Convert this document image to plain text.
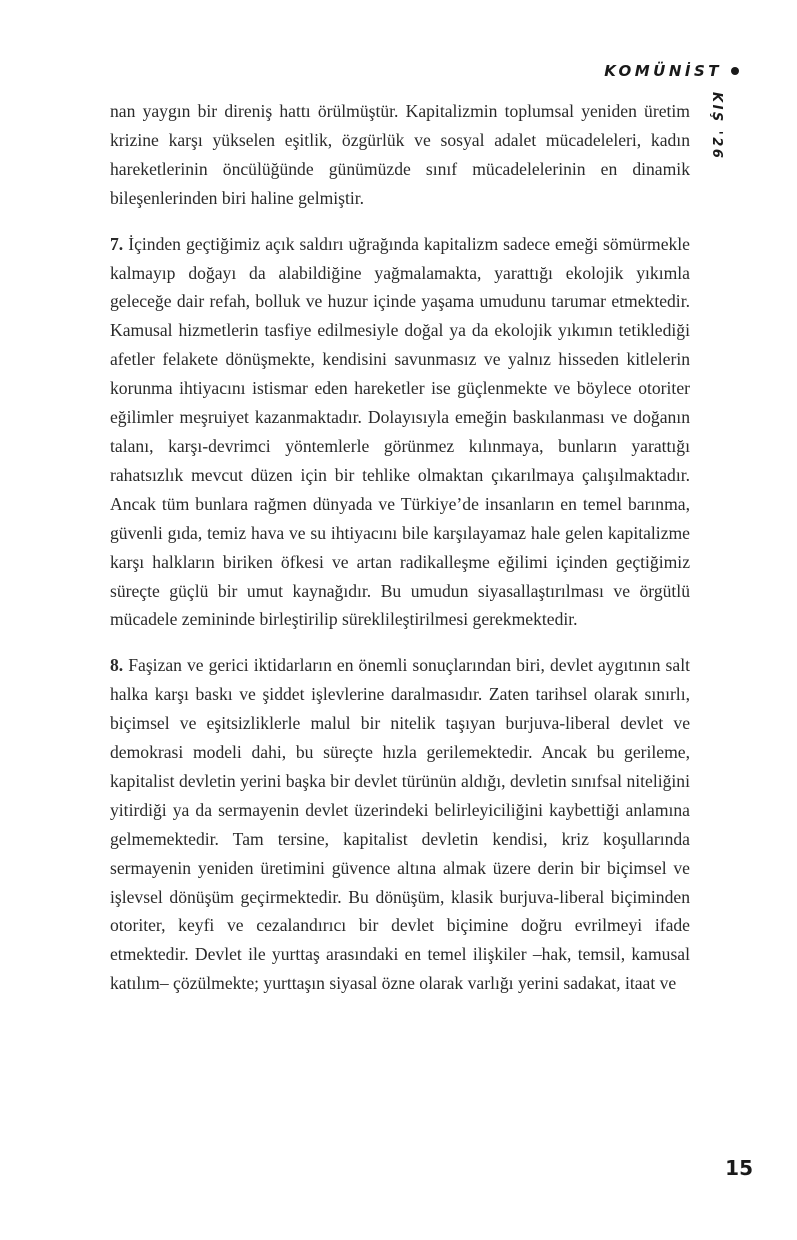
KOMÜNİST
KIŞ '26

nan yaygın bir direniş hattı örülmüştür. Kapitalizmin toplumsal yeniden üretim krizine karşı yükselen eşitlik, özgürlük ve sosyal adalet mücadeleleri, kadın hareketlerinin öncülüğünde günümüzde sınıf mücadelelerinin en dinamik bileşenlerinden biri haline gelmiştir.

7. İçinden geçtiğimiz açık saldırı uğrağında kapitalizm sadece emeği sömürmekle kalmayıp doğayı da alabildiğine yağmalamakta, yarattığı ekolojik yıkımla geleceğe dair refah, bolluk ve huzur içinde yaşama umudunu tarumar etmektedir. Kamusal hizmetlerin tasfiye edilmesiyle doğal ya da ekolojik yıkımın tetiklediği afetler felakete dönüşmekte, kendisini savunmasız ve yalnız hisseden kitlelerin korunma ihtiyacını istismar eden hareketler ise güçlenmekte ve böylece otoriter eğilimler meşruiyet kazanmaktadır. Dolayısıyla emeğin baskılanması ve doğanın talanı, karşı-devrimci yöntemlerle görünmez kılınmaya, bunların yarattığı rahatsızlık mevcut düzen için bir tehlike olmaktan çıkarılmaya çalışılmaktadır. Ancak tüm bunlara rağmen dünyada ve Türkiye’de insanların en temel barınma, güvenli gıda, temiz hava ve su ihtiyacını bile karşılayamaz hale gelen kapitalizme karşı halkların biriken öfkesi ve artan radikalleşme eğilimi içinden geçtiğimiz süreçte güçlü bir umut kaynağıdır. Bu umudun siyasallaştırılması ve örgütlü mücadele zemininde birleştirilip süreklileştirilmesi gerekmektedir.

8. Faşizan ve gerici iktidarların en önemli sonuçlarından biri, devlet aygıtının salt halka karşı baskı ve şiddet işlevlerine daralmasıdır. Zaten tarihsel olarak sınırlı, biçimsel ve eşitsizliklerle malul bir nitelik taşıyan burjuva-liberal devlet ve demokrasi modeli dahi, bu süreçte hızla gerilemektedir. Ancak bu gerileme, kapitalist devletin yerini başka bir devlet türünün aldığı, devletin sınıfsal niteliğini yitirdiği ya da sermayenin devlet üzerindeki belirleyiciliğini kaybettiği anlamına gelmemektedir. Tam tersine, kapitalist devletin kendisi, kriz koşullarında sermayenin yeniden üretimini güvence altına almak üzere derin bir biçimsel ve işlevsel dönüşüm geçirmektedir. Bu dönüşüm, klasik burjuva-liberal biçiminden otoriter, keyfi ve cezalandırıcı bir devlet biçimine doğru evrilmeyi ifade etmektedir. Devlet ile yurttaş arasındaki en temel ilişkiler –hak, temsil, kamusal katılım– çözülmekte; yurttaşın siyasal özne olarak varlığı yerini sadakat, itaat ve

15
